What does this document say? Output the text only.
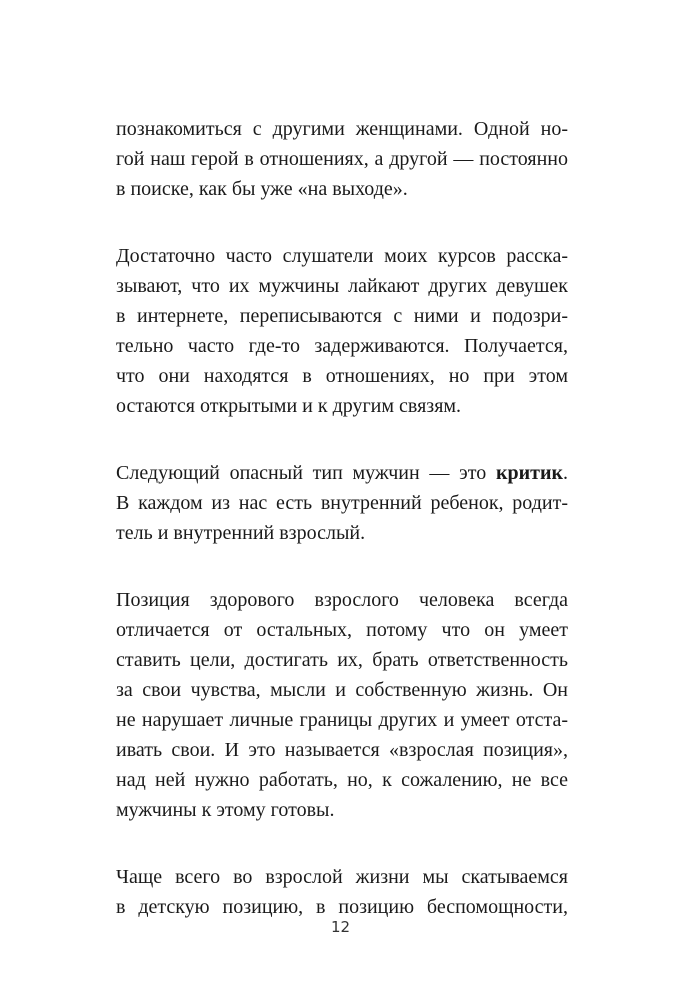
познакомиться с другими женщинами. Одной но-
гой наш герой в отношениях, а другой — постоянно
в поиске, как бы уже «на выходе».

Достаточно часто слушатели моих курсов расска-
зывают, что их мужчины лайкают других девушек
в интернете, переписываются с ними и подозри-
тельно часто где-то задерживаются. Получается,
что они находятся в отношениях, но при этом
остаются открытыми и к другим связям.

Следующий опасный тип мужчин — это критик.
В каждом из нас есть внутренний ребенок, родит-
тель и внутренний взрослый.

Позиция здорового взрослого человека всегда
отличается от остальных, потому что он умеет
ставить цели, достигать их, брать ответственность
за свои чувства, мысли и собственную жизнь. Он
не нарушает личные границы других и умеет отста-
ивать свои. И это называется «взрослая позиция»,
над ней нужно работать, но, к сожалению, не все
мужчины к этому готовы.

Чаще всего во взрослой жизни мы скатываемся
в детскую позицию, в позицию беспомощности,

12
